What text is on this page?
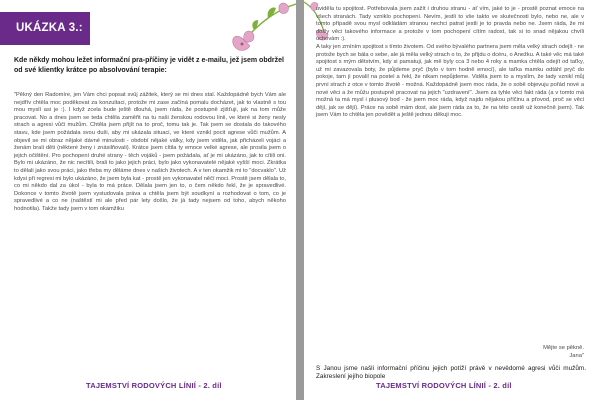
UKÁZKA 3.:

Kde někdy mohou ležet informační pra-příčiny je vidět z e-mailu, jež jsem obdržel od své klientky krátce po absolvování terapie:

"Pěkný den Radomíre, jen Vám chci popsat svůj zážitek, který se mi dnes stal. Každopádně bych Vám ale nejdřív chtěla moc poděkovat za konzultaci, protože mi zase začíná pomalu docházet, jak to vlastně s tou mou myslí asi je :). I když zcela bude ještě dlouhá, jsem ráda, že postupně zjišťuji, jak na tom může pracovat. No a dnes jsem se teda chtěla zaměřit na tu naši ženskou rodovou linii, ve které si ženy nesly strach a agresi vůči mužům. Chtěla jsem přijít na to proč, tomu tak je. Tak jsem se dostala do takového stavu, kde jsem požádala svou duši, aby mi ukázala situaci, ve které vznikl pocit agrese vůči mužům. A objevil se mi obraz nějaké dávné minulosti - období nějaké války, kdy jsem viděla, jak přicházeli vojáci a ženám brali děti (některé ženy i znásilňovali). Krátce jsem cítila ty emoce velké agrese, ale prosila jsem o jejich očištění. Pro pochopení druhé strany - těch vojáků - jsem požádala, ať je mi ukázáno, jak to cítili oni. Bylo mi ukázáno, že nic necítili, brali to jako jejich práci, bylo jako vykonavatelé nějaké vyšší moci. Zkrátka to dělali jako svou práci, jako třeba my děláme dnes v našich životech. A v ten okamžik mi to "docvaklo". Už kdysi při regresi mi bylo ukázáno, že jsem byla kat - prostě jen vykonavatel něčí moci. Prostě jsem dělala to, co mi někdo dal za úkol - byla to má práce. Dělala jsem jen to, o čem někdo řekl, že je spravedlivé. Dokonce v tomto životě jsem vystudovala práva a chtěla jsem být soudkyní a rozhodovat o tom, co je spravedlivé a co ne (naštěstí mi ale před pár lety došlo, že já tady nejsem od toho, abych někoho hodnotila). Takže tady jsem v tom okamžiku

TAJEMSTVÍ RODOVÝCH LÍNIÍ - 2. díl

uviděla tu spojitost. Potřebovala jsem zažít i druhou stranu - ať vím, jaké to je - prostě poznat emoce na všech stranách. Tady vzniklo pochopení. Nevím, jestli to vše takto ve skutečnosti bylo, nebo ne, ale v tomto případě svou mysl odkládám stranou nechci patrat jestli je to pravda nebo ne. Jsem ráda, že mi došly věci takového informace a protože v tom pochopení cítím radost, tak si to snad nějakou chvíli uchovám :).
A taky jen zmíním spojitost s tímto životem. Od svého bývalého partnera jsem měla velký strach odejít - ne protože bych se bála o sebe, ale já měla velký strach o to, že přijdu o dcéru, o Anežku. A také věc má také spojitost s mým dětstvím, kdy si pamatuji, jak mě byly cca 3 nebo 4 roky a mamka chtěla odejít od taťky, už mi zavazovala boty, že půjdeme pryč (bylo v tom hodně emocí), ale taťka mamku odtáhl pryč do pokoje, tam ji povalil na postel a řekl, že nikam nepůjdeme. Viděla jsem to a myslím, že tady vznikl můj první strach z otce v tomto životě - možná. Každopádně jsem moc ráda, že o sobě objevuju pořád nové a nové věci a že můžu postupně pracovat na jejich "uzdravení". Jsem za tyhle věci fakt ráda (a v tomto má možná ta má mysl i plusový bod - že jsem moc ráda, když najdu nějakou příčinu a pťovod, proč se věci dějí, jak se dějí). Práce na sobě mám dost, ale jsem ráda za to, že na této cestě už konečně jsem). Tak jsem Vám to chtěla jen povědět a ještě jednou děkuji moc.

Mějte se pěkně.
Jana"

S Janou jsme našli informační příčinu jejich potíží právě v nevědomé agresi vůči mužům. Zakreslení jejího biopole

TAJEMSTVÍ RODOVÝCH LÍNIÍ - 2. díl
